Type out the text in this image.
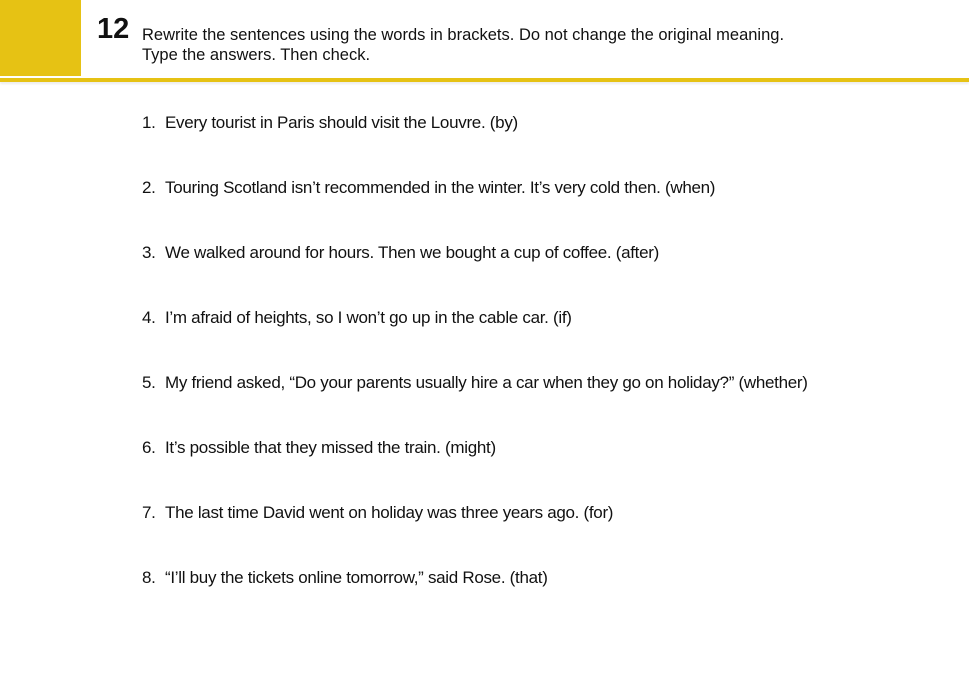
12 Rewrite the sentences using the words in brackets. Do not change the original meaning.
Type the answers. Then check.
1. Every tourist in Paris should visit the Louvre. (by)
2. Touring Scotland isn’t recommended in the winter. It’s very cold then. (when)
3. We walked around for hours. Then we bought a cup of coffee. (after)
4. I’m afraid of heights, so I won’t go up in the cable car. (if)
5. My friend asked, “Do your parents usually hire a car when they go on holiday?” (whether)
6. It’s possible that they missed the train. (might)
7. The last time David went on holiday was three years ago. (for)
8. “I’ll buy the tickets online tomorrow,” said Rose. (that)
